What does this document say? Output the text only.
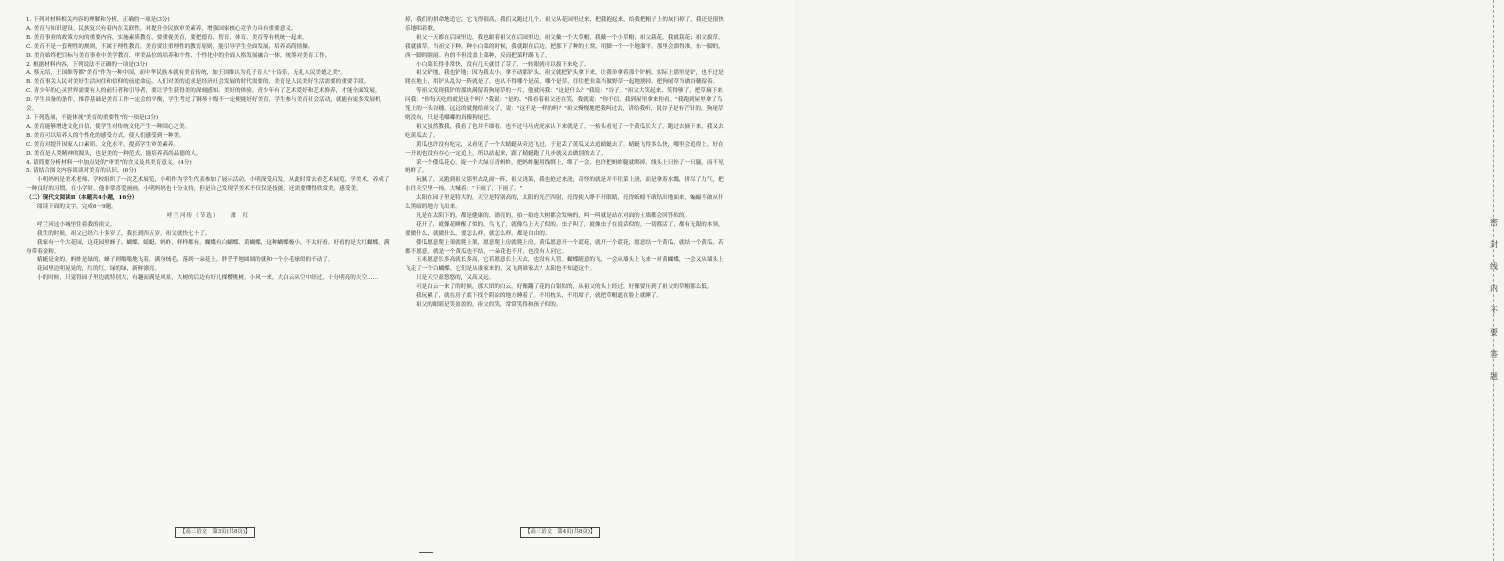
1. 下列对材料相关内容的理解和分析，正确的一项是(3分)

A. 美育与知识建设、民族复兴有着内在关联性，对提升全民族审美素养，增强国家核心竞争力具有重要意义。

B. 美育事业的政策方向的重要内容，实施素质教育，要重视美育，要把德育、智育、体育、美育等有机统一起来。

C. 美育不是一套理性的规则，不属于理性教育。美育要注重理性的教育原则，能引导学生全面发展，培养高尚情操。

D. 美育始终把目标与美育事业中美学教育、审美品位的培养和个性、个性化中的全面人格发展融合一体，统筹对美育工作。

2. 根据材料内容，下列说法不正确的一项是(3分)

A. 蔡元培，王国维等都"美育"作为一种中国，而中华民族本就有美育传统，加王国维认为孔子育人"十诗乐，无礼人民美德之美"。

B. 美育事关人民对美好生活向往和信仰的前途命运，人们对美的追求是经济社会发展的时代需要的，美育是人民美好生活需要的重要手段。

C. 青少年的心灵世界需要有人的前行者和引导者，要让学生获得美的深刻感知、美好的体验。青少年有了艺术爱好和艺术修养，才能全面发展。

D. 学生具备的条件，推荐基础是美育工作一定会的平衡，学生考过了钢琴十级不一定便能好好美育，学生参与美育社会活动，就能有更多发展机会。

3. 下列选项，不能体现"美育的重要性"的一项是(3分)

A. 美育能够增进文化自信，使学生对传统文化产生一种国心之美。

B. 美育可以培养人的个性化的感受方式，使人们感受到一种美。

C. 美育对提升国家人口素质、文化水平，提高学生审美素养。

D. 美育是人类精神的源头，也是美的一种范式，能培养高尚品德的人。

4. 请简要分析材料一中加点处的"审美"的含义及其美育意义。(4分)

5. 请结合图文内容谈谈对美育的认识。(6分)

小明妈妈是美术老师，学校组织了一次艺术展览，小明作为学生代表参加了展示活动，小明深受启发，从此时常去看艺术展览，学美术，养成了一种良好的习惯。在小学时，他非常喜爱画画，小明妈妈也十分支持，但是自己发现学美术不仅仅是技能，还需要懂得欣赏美，感受美。

（二）现代文阅读Ⅱ（本题共4小题，16分）

阅读下面的文字，完成6～9题。

呼兰河传（节选）    萧  红

呼兰河这小城里住着我的祖父。

我生的时候，祖父已经六十多岁了，我长到四五岁，祖父就快七十了。

我家有一个大花园，这花园里蜂子、蝴蝶、蜻蜓、蚂蚱，样样都有。蝴蝶有白蝴蝶、黄蝴蝶，这种蝴蝶极小，不太好看。好看的是大红蝴蝶，满身带着金粉。

蜻蜓是金的，蚂蚱是绿的，蜂子则嗡嗡地飞着，满身绒毛，落到一朵花上，胖乎乎地圆圆的就和一个小毛球似的不动了。

花园里边明晃晃的，红的红，绿的绿，新鲜漂亮。

小的时候，只觉得园子里边就特别大，有趣而满是风景，大树的后边有好几棵樱桃树。小风一来，大白云从空中经过，十分明亮的天空……

掉，我们的拼命地追它，它飞得很高，我们又跑过几个，祖父从花园里过来，把我抱起来，给我把帽子上的灰扫掉了，我还是很快乐地唱着歌。

祖父一天都在后园里边，我也跟着祖父在后园里边。祖父戴一个大草帽，我戴一个小草帽；祖父栽花，我就栽花；祖父拔草，我就拔草。当祖父下种，种小白菜的时候，我就跟在后边，把那下了种的土窝，用脚一个一个地溜平，那里会溜得准，东一脚的，西一脚的瞎闹。有的不但没盖上菜种，反而把菜籽踢飞了。

小白菜长得非常快，没有几天就冒了芽了，一转眼就可以拔下来吃了。

祖父铲地，我也铲地；因为我太小，拿不动那铲头，祖父就把铲头拿下来，让我单拿着那个铲柄，实际上那里是铲，也不过是爬在地上，用铲头乱勾一阵就是了。也认不得哪个是苗，哪个是草，往往把韭菜当做野草一起地割掉，把狗尾草当做谷穗留着。

等祖父发现我铲的那块满留着狗尾草的一片，他就问我："这是什么？"我说："谷子。"祖父大笑起来，笑得够了，把草摘下来问我："你每天吃的就是这个吗？"我说："是的。"我看着祖父还在笑，我就说："你不信，我到屋里拿来你看。"我跑到屋里拿了鸟笼上的一头谷穗，远远的就抛给祖父了，说："这不是一样的吗？"祖父慢慢地把我叫过去，讲给我听，说谷子是有芒针的，狗尾草则没有，只是毛嘟嘟的真像狗尾巴。

祖父虽然教我，我看了也并不细看，也不过马马虎虎承认下来就是了。一抬头看见了一个黄瓜长大了，跑过去摘下来，我又去吃黄瓜去了。

黄瓜也许没有吃完，又看见了一个大蜻蜓从旁边飞过，于是丢了黄瓜又去追蜻蜓去了。蜻蜓飞得多么快，哪里会追得上。好在一开初也没有存心一定追上，所以站起来，跟了蜻蜓跑了几步就又去做别的去了。

采一个倭瓜花心，捉一个大绿豆青蚂蚱，把蚂蚱腿用线绑上，绑了一会，也许把蚂蚱腿就绑掉，线头上只拴了一只腿，而不见蚂蚱了。

玩腻了，又跑到祖父那里去乱闹一阵，祖父浇菜，我也抢过来浇，奇怪的就是并不往菜上浇，而是拿着水瓢，拼尽了力气，把水往天空里一扬，大喊着："下雨了，下雨了。"

太阳在园子里是特大的，天空是特别高的，太阳的光芒四射，亮得使人睁不开眼睛，亮得蚯蚓不敢钻出地面来，蝙蝠不敢从什么黑暗的地方飞出来。

凡是在太阳下的，都是健康的、漂亮的，拍一拍连大树都会发响的，叫一叫就是站在对面的土墙都会回答似的。

花开了，就像花睡醒了似的。鸟飞了，就像鸟上天了似的。虫子叫了，就像虫子在说话似的。一切都活了，都有无限的本领，要做什么，就做什么。要怎么样，就怎么样。都是自由的。

倭瓜愿意爬上架就爬上架，愿意爬上房就爬上房。黄瓜愿意开一个谎花，就开一个谎花，愿意结一个黄瓜，就结一个黄瓜。若都不愿意，就是一个黄瓜也不结，一朵花也不开，也没有人问它。

玉米愿意长多高就长多高，它若愿意长上天去，也没有人管。蝴蝶随意的飞，一会从墙头上飞来一对黄蝴蝶，一会又从墙头上飞走了一个白蝴蝶。它们是从谁家来的，又飞到谁家去？太阳也不知道这个。

只是天空蓝悠悠的，又高又远。

可是白云一来了的时候，那大团的白云，好像翻了花的白银似的，从祖父的头上经过，好像要压到了祖父的草帽那么低。

我玩累了，就在房子底下找个阴凉的地方睡着了。不用枕头，不用席子，就把草帽遮在脸上就睡了。

祖父的眼睛是笑盈盈的，祖父的笑，常常笑得和孩子似的。

【高三语文　第3页(共8页)】	【高三语文　第4页(共8页)】
密
封
线
内
不
要
答
题
